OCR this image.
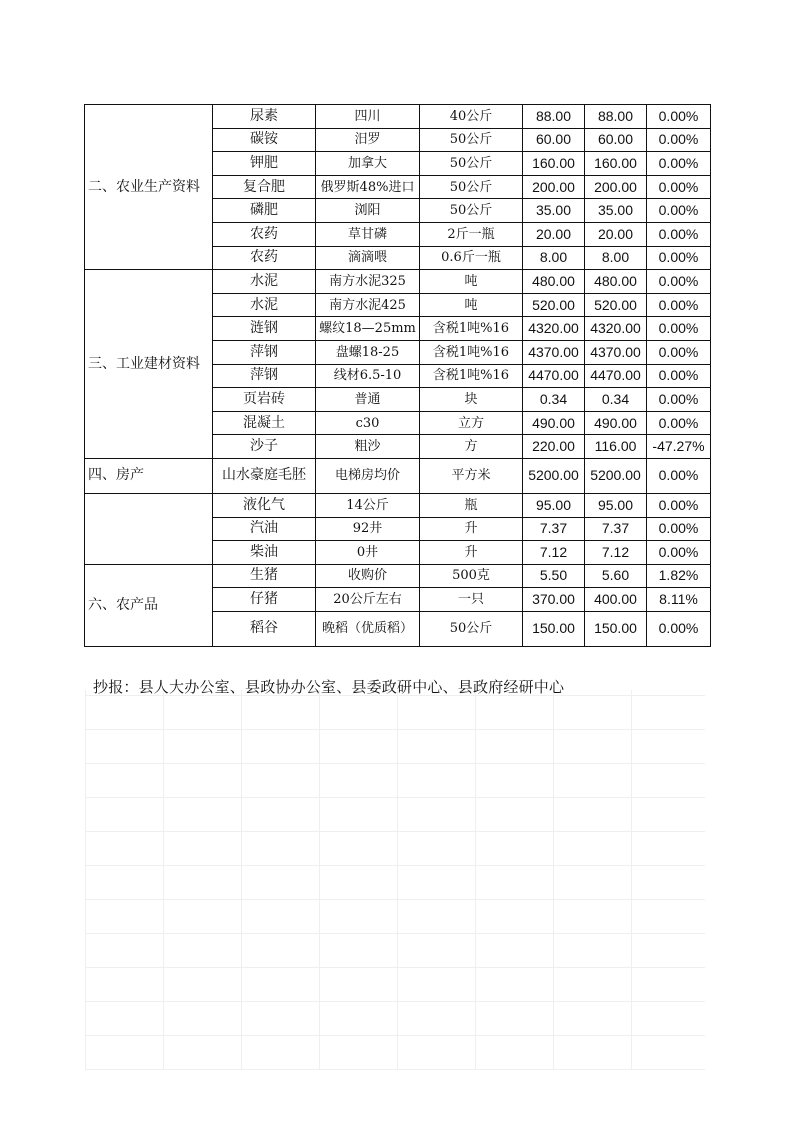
二、农业生产资料	尿素	四川	40公斤	88.00	88.00	0.00%
	碳铵	汨罗	50公斤	60.00	60.00	0.00%
	钾肥	加拿大	50公斤	160.00	160.00	0.00%
	复合肥	俄罗斯48%进口	50公斤	200.00	200.00	0.00%
	磷肥	浏阳	50公斤	35.00	35.00	0.00%
	农药	草甘磷	2斤一瓶	20.00	20.00	0.00%
	农药	滴滴喂	0.6斤一瓶	8.00	8.00	0.00%
三、工业建材资料	水泥	南方水泥325	吨	480.00	480.00	0.00%
	水泥	南方水泥425	吨	520.00	520.00	0.00%
	涟钢	螺纹18—25mm	含税1吨%16	4320.00	4320.00	0.00%
	萍钢	盘螺18-25	含税1吨%16	4370.00	4370.00	0.00%
	萍钢	线材6.5-10	含税1吨%16	4470.00	4470.00	0.00%
	页岩砖	普通	块	0.34	0.34	0.00%
	混凝土	c30	立方	490.00	490.00	0.00%
	沙子	粗沙	方	220.00	116.00	-47.27%
四、房产	山水豪庭毛胚	电梯房均价	平方米	5200.00	5200.00	0.00%
	液化气	14公斤	瓶	95.00	95.00	0.00%
	汽油	92井	升	7.37	7.37	0.00%
	柴油	0井	升	7.12	7.12	0.00%
六、农产品	生猪	收购价	500克	5.50	5.60	1.82%
	仔猪	20公斤左右	一只	370.00	400.00	8.11%
	稻谷	晚稻（优质稻）	50公斤	150.00	150.00	0.00%
抄报：县人大办公室、县政协办公室、县委政研中心、县政府经研中心
